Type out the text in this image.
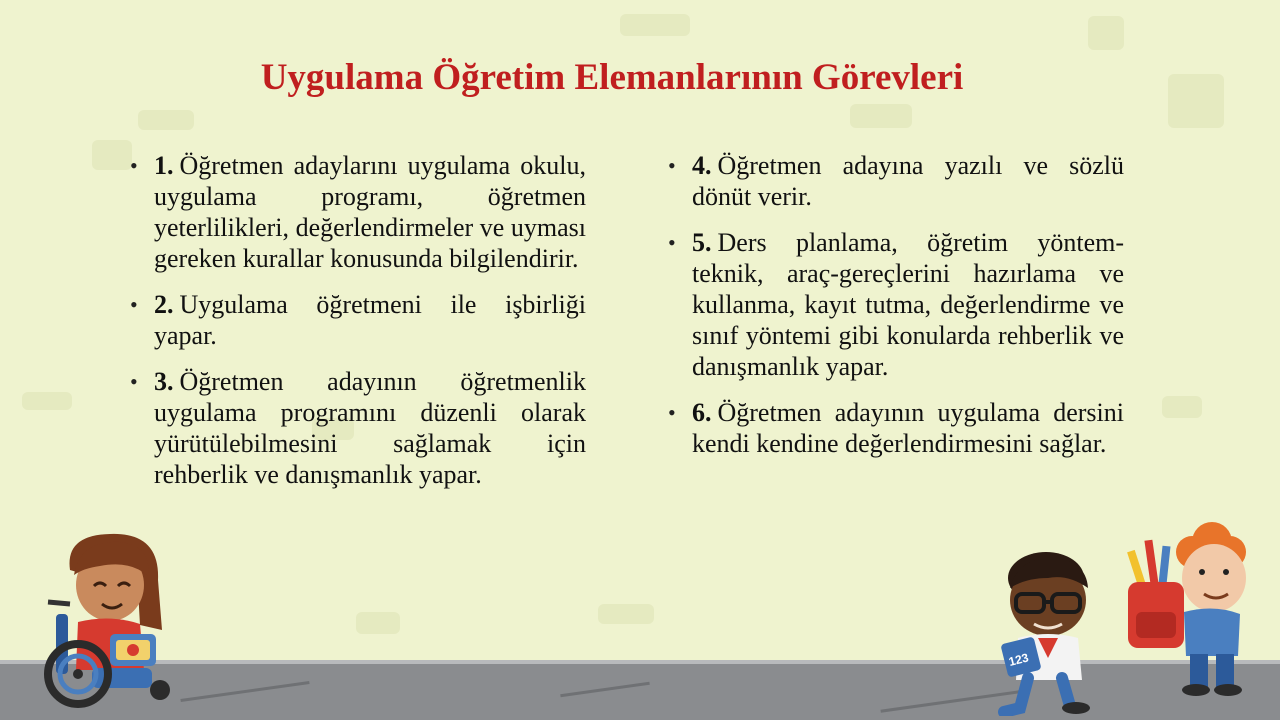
Uygulama Öğretim Elemanlarının Görevleri
• 1. Öğretmen adaylarını uygulama okulu, uygulama programı, öğretmen yeterlilikleri, değerlendirmeler ve uyması gereken kurallar konusunda bilgilendirir.
• 2. Uygulama öğretmeni ile işbirliği yapar.
• 3. Öğretmen adayının öğretmenlik uygulama programını düzenli olarak yürütülebilmesini sağlamak için rehberlik ve danışmanlık yapar.
• 4. Öğretmen adayına yazılı ve sözlü dönüt verir.
• 5. Ders planlama, öğretim yöntem-teknik, araç-gereçlerini hazırlama ve kullanma, kayıt tutma, değerlendirme ve sınıf yöntemi gibi konularda rehberlik ve danışmanlık yapar.
• 6. Öğretmen adayının uygulama dersini kendi kendine değerlendirmesini sağlar.
123
